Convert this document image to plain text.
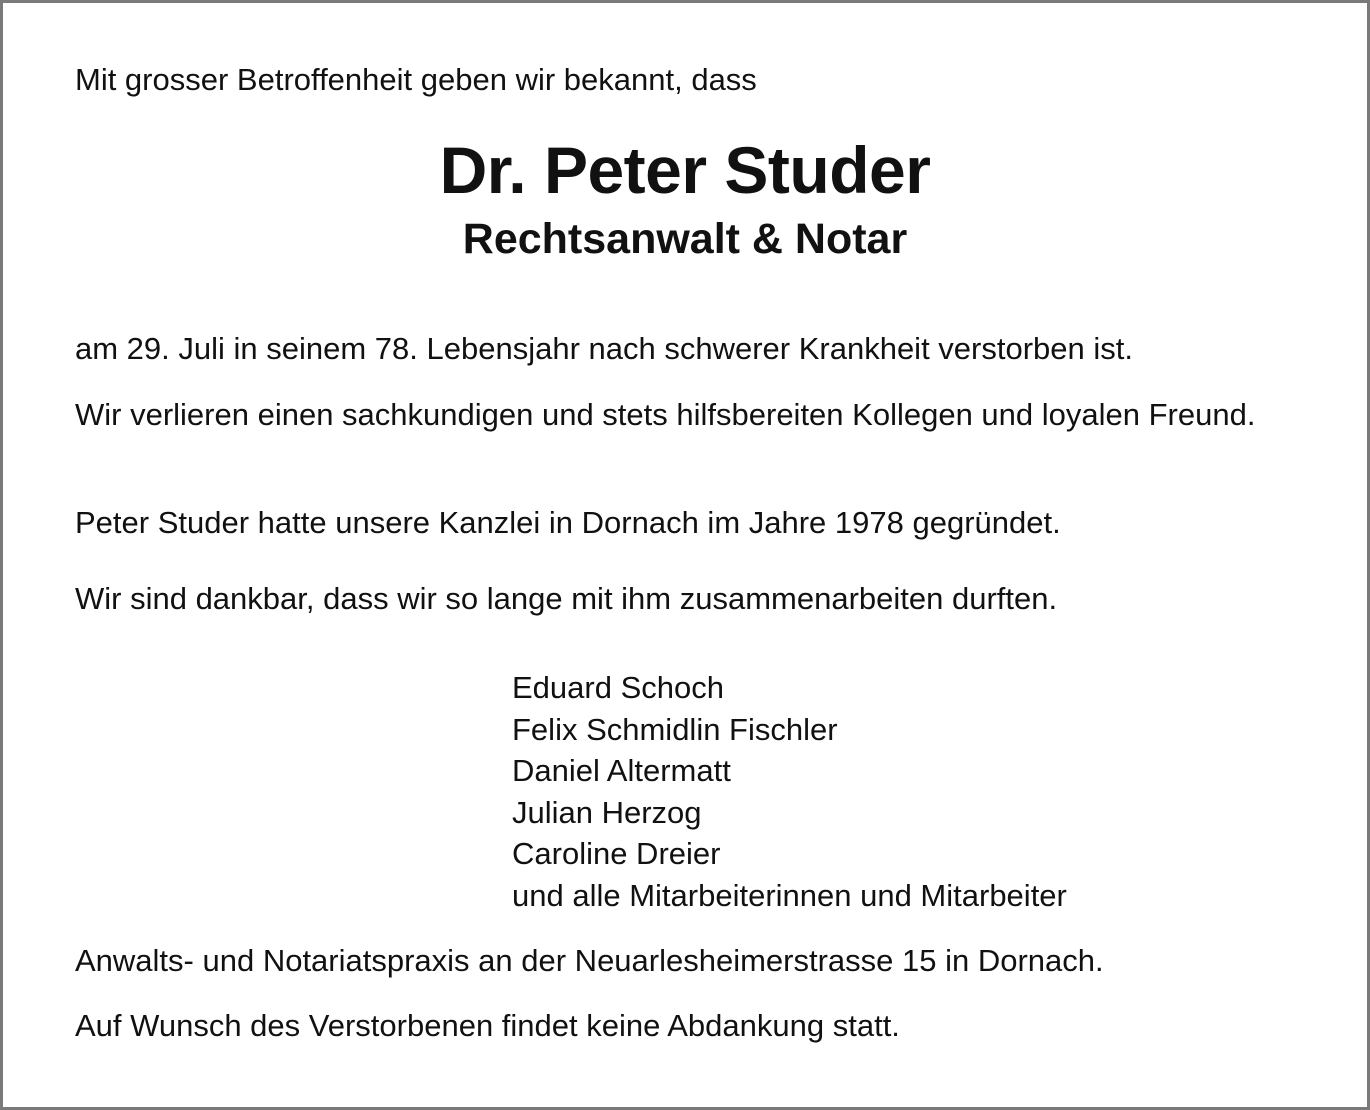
Mit grosser Betroffenheit geben wir bekannt, dass

Dr. Peter Studer
Rechtsanwalt & Notar

am 29. Juli in seinem 78. Lebensjahr nach schwerer Krankheit verstorben ist.

Wir verlieren einen sachkundigen und stets hilfsbereiten Kollegen und loyalen Freund.

Peter Studer hatte unsere Kanzlei in Dornach im Jahre 1978 gegründet.

Wir sind dankbar, dass wir so lange mit ihm zusammenarbeiten durften.

Eduard Schoch
Felix Schmidlin Fischler
Daniel Altermatt
Julian Herzog
Caroline Dreier
und alle Mitarbeiterinnen und Mitarbeiter

Anwalts- und Notariatspraxis an der Neuarlesheimerstrasse 15 in Dornach.

Auf Wunsch des Verstorbenen findet keine Abdankung statt.
